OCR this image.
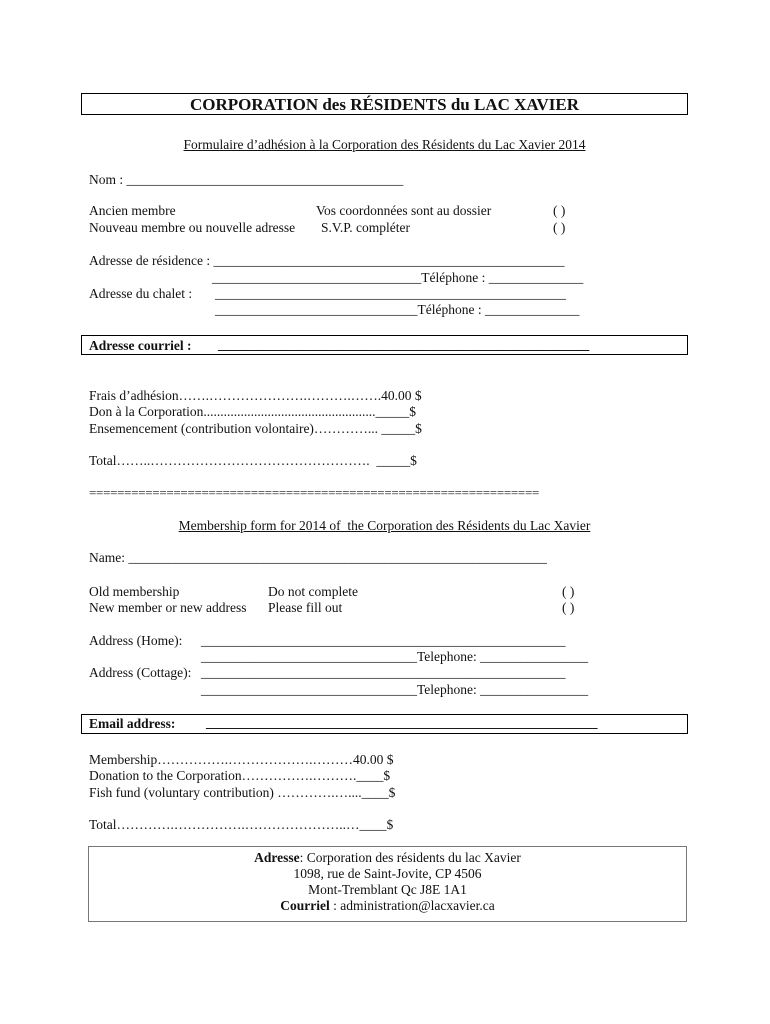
CORPORATION des RÉSIDENTS du LAC XAVIER
Formulaire d’adhésion à la Corporation des Résidents du Lac Xavier 2014
Nom : _________________________________________
Ancien membre
Nouveau membre ou nouvelle adresse
Vos coordonnées sont au dossier
S.V.P. compléter
( )
( )
Adresse de résidence : ____________________________________________________
_______________________________Téléphone : ______________
Adresse du chalet : ____________________________________________________
______________________________Téléphone : ______________
Adresse courriel : _______________________________________________________
Frais d’adhésion…….………………….……….…….40.00 $
Don à la Corporation..................................................._____$
Ensemencement (contribution volontaire)…………... _____$
Total……..………………………………………….  _____$
================================================================
Membership form for 2014 of  the Corporation des Résidents du Lac Xavier
Name: ______________________________________________________________
Old membership
New member or new address
Do not complete
Please fill out
( )
( )
Address (Home): ______________________________________________________
________________________________Telephone: ________________
Address (Cottage): ______________________________________________________
________________________________Telephone: ________________
Email address: __________________________________________________________
Membership…………….……………….………40.00 $
Donation to the Corporation…………….……….____$
Fish fund (voluntary contribution) ………….…....____$
Total………….…………….…………………..…____$
Adresse: Corporation des résidents du lac Xavier
1098, rue de Saint-Jovite, CP 4506
Mont-Tremblant Qc J8E 1A1
Courriel : administration@lacxavier.ca
